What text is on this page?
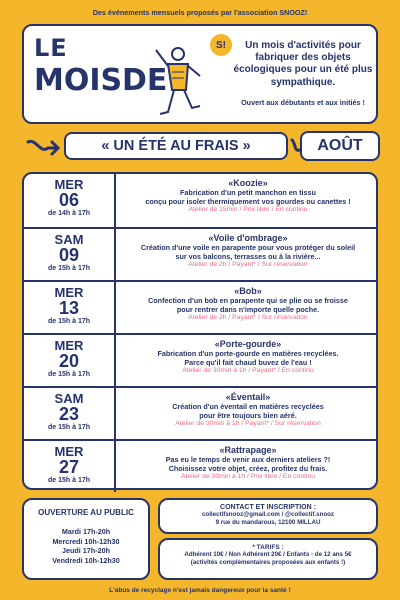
Des événements mensuels proposés par l'association SNOOZ!
LE
MOIS DE
S!	Un mois d'activités pour fabriquer des objets écologiques pour un été plus sympathique.
Ouvert aux débutants et aux initiés !
« UN ÉTÉ AU FRAIS »	AOÛT
MER
06
de 14h à 17h
«Koozie»
Fabrication d'un petit manchon en tissu
conçu pour isoler thermiquement vos gourdes ou canettes !
Atelier de 15min / Prix libre / En continu
SAM
09
de 15h à 17h
«Voile d'ombrage»
Création d'une voile en parapente pour vous protéger du soleil
sur vos balcons, terrasses ou à la rivière...
Atelier de 2h / Payant* / Sur réservation
MER
13
de 15h à 17h
«Bob»
Confection d'un bob en parapente qui se plie ou se froisse
pour rentrer dans n'importe quelle poche.
Atelier de 2h / Payant* / Sur réservation
MER
20
de 15h à 17h
«Porte-gourde»
Fabrication d'un porte-gourde en matières recyclées.
Parce qu'il fait chaud buvez de l'eau !
Atelier de 30min à 1h / Payant* / En continu
SAM
23
de 15h à 17h
«Éventail»
Création d'un éventail en matières recyclées
pour être toujours bien aéré.
Atelier de 30min à 1h / Payant* / Sur réservation
MER
27
de 15h à 17h
«Rattrapage»
Pas eu le temps de venir aux derniers ateliers ?!
Choisissez votre objet, créez, profitez du frais.
Atelier de 30min à 1h / Prix libre / En continu
OUVERTURE AU PUBLIC
Mardi 17h-20h
Mercredi 10h-12h30
Jeudi 17h-20h
Vendredi 10h-12h30
CONTACT ET INSCRIPTION :
collectifsnooz@gmail.com / @collectif.snooz
9 rue du mandarous, 12100 MILLAU
* TARIFS :
Adhérent 10€ / Non Adhérent 20€ / Enfants - de 12 ans 5€
(activités complémentaires proposées aux enfants !)
L'abus de recyclage n'est jamais dangereux pour la santé !
